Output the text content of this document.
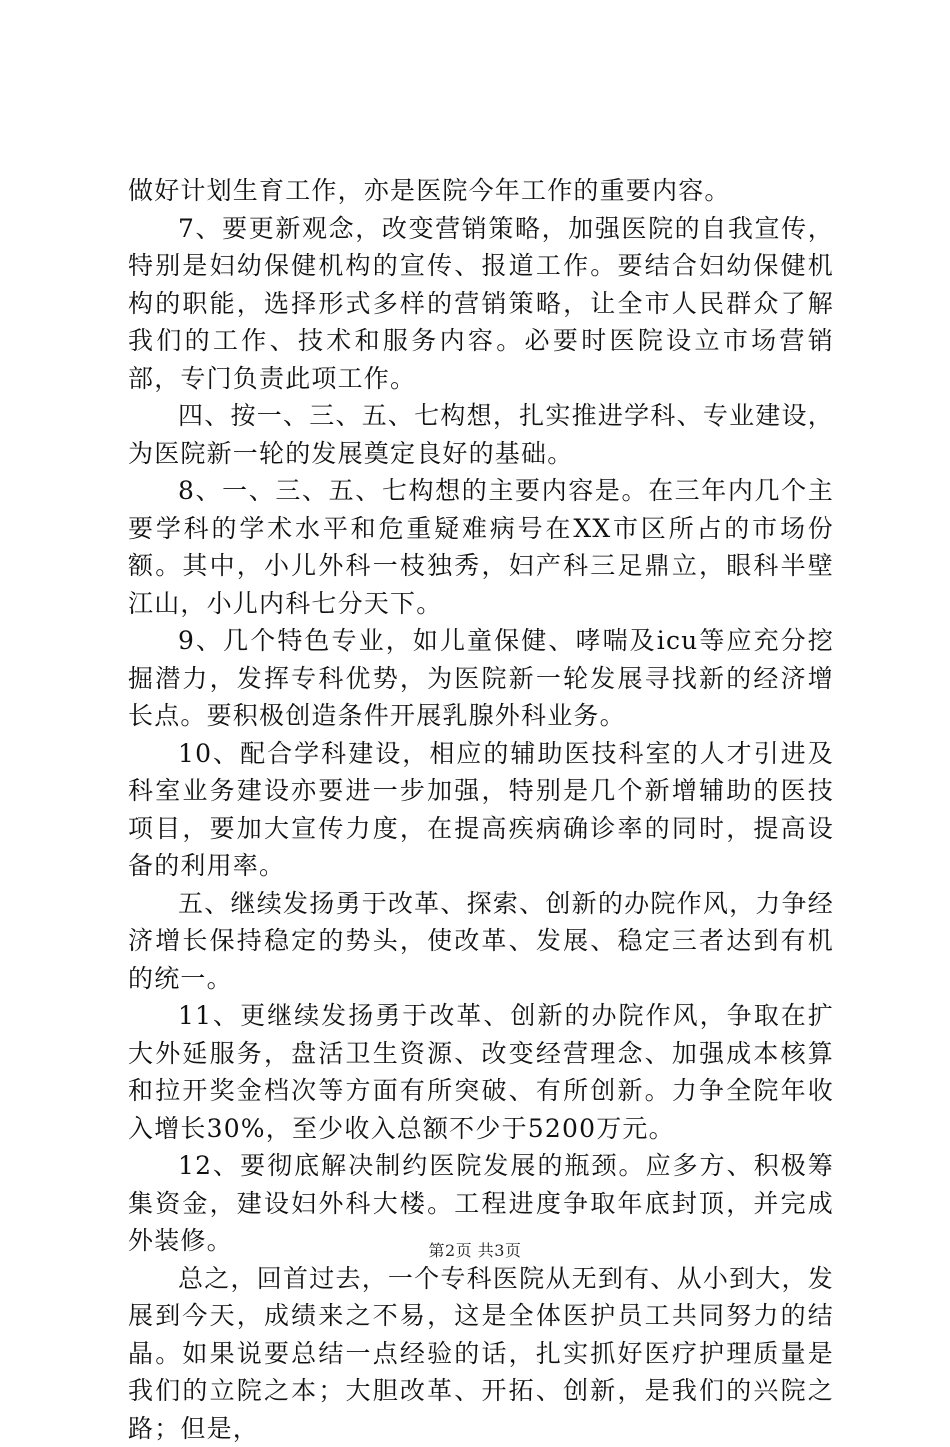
做好计划生育工作，亦是医院今年工作的重要内容。

7、要更新观念，改变营销策略，加强医院的自我宣传，特别是妇幼保健机构的宣传、报道工作。要结合妇幼保健机构的职能，选择形式多样的营销策略，让全市人民群众了解我们的工作、技术和服务内容。必要时医院设立市场营销部，专门负责此项工作。

四、按一、三、五、七构想，扎实推进学科、专业建设，为医院新一轮的发展奠定良好的基础。

8、一、三、五、七构想的主要内容是。在三年内几个主要学科的学术水平和危重疑难病号在XX市区所占的市场份额。其中，小儿外科一枝独秀，妇产科三足鼎立，眼科半壁江山，小儿内科七分天下。

9、几个特色专业，如儿童保健、哮喘及icu等应充分挖掘潜力，发挥专科优势，为医院新一轮发展寻找新的经济增长点。要积极创造条件开展乳腺外科业务。

10、配合学科建设，相应的辅助医技科室的人才引进及科室业务建设亦要进一步加强，特别是几个新增辅助的医技项目，要加大宣传力度，在提高疾病确诊率的同时，提高设备的利用率。

五、继续发扬勇于改革、探索、创新的办院作风，力争经济增长保持稳定的势头，使改革、发展、稳定三者达到有机的统一。

11、更继续发扬勇于改革、创新的办院作风，争取在扩大外延服务，盘活卫生资源、改变经营理念、加强成本核算和拉开奖金档次等方面有所突破、有所创新。力争全院年收入增长30%，至少收入总额不少于5200万元。

12、要彻底解决制约医院发展的瓶颈。应多方、积极筹集资金，建设妇外科大楼。工程进度争取年底封顶，并完成外装修。

总之，回首过去，一个专科医院从无到有、从小到大，发展到今天，成绩来之不易，这是全体医护员工共同努力的结晶。如果说要总结一点经验的话，扎实抓好医疗护理质量是我们的立院之本；大胆改革、开拓、创新，是我们的兴院之路；但是，

第2页 共3页
